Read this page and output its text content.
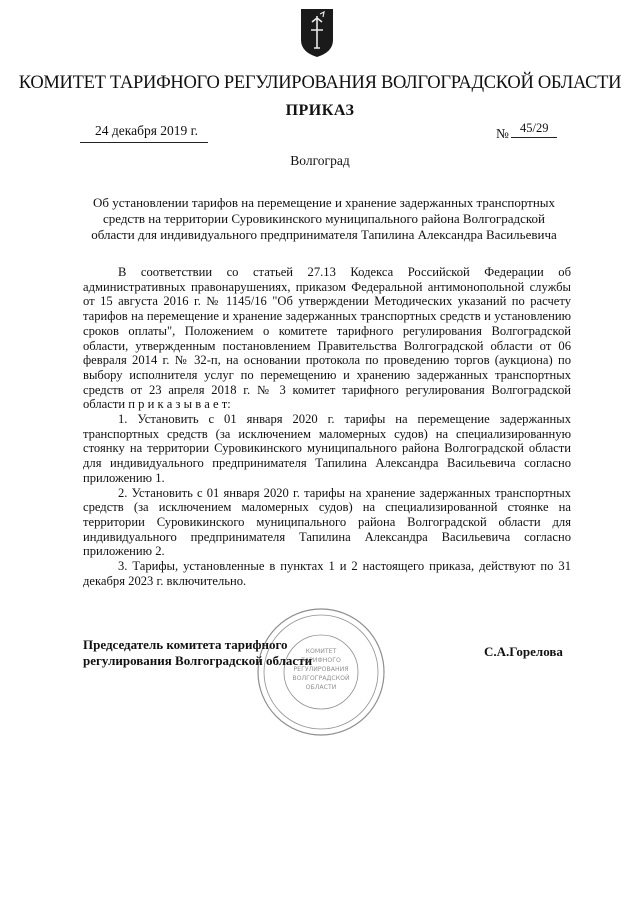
КОМИТЕТ ТАРИФНОГО РЕГУЛИРОВАНИЯ ВОЛГОГРАДСКОЙ ОБЛАСТИ
ПРИКАЗ
24 декабря 2019 г.	№ 45/29
Волгоград
Об установлении тарифов на перемещение и хранение задержанных транспортных средств на территории Суровикинского муниципального района Волгоградской области для индивидуального предпринимателя Тапилина Александра Васильевича

В соответствии со статьей 27.13 Кодекса Российской Федерации об административных правонарушениях, приказом Федеральной антимонопольной службы от 15 августа 2016 г. № 1145/16 "Об утверждении Методических указаний по расчету тарифов на перемещение и хранение задержанных транспортных средств и установлению сроков оплаты", Положением о комитете тарифного регулирования Волгоградской области, утвержденным постановлением Правительства Волгоградской области от 06 февраля 2014 г. № 32-п, на основании протокола по проведению торгов (аукциона) по выбору исполнителя услуг по перемещению и хранению задержанных транспортных средств от 23 апреля 2018 г. № 3 комитет тарифного регулирования Волгоградской области п р и к а з ы в а е т:

1. Установить с 01 января 2020 г. тарифы на перемещение задержанных транспортных средств (за исключением маломерных судов) на специализированную стоянку на территории Суровикинского муниципального района Волгоградской области для индивидуального предпринимателя Тапилина Александра Васильевича согласно приложению 1.

2. Установить с 01 января 2020 г. тарифы на хранение задержанных транспортных средств (за исключением маломерных судов) на специализированной стоянке на территории Суровикинского муниципального района Волгоградской области для индивидуального предпринимателя Тапилина Александра Васильевича согласно приложению 2.

3. Тарифы, установленные в пунктах 1 и 2 настоящего приказа, действуют по 31 декабря 2023 г. включительно.

Председатель комитета тарифного
регулирования Волгоградской области
С.А.Горелова
КОМИТЕТ
ТАРИФНОГО
РЕГУЛИРОВАНИЯ
ВОЛГОГРАДСКОЙ
ОБЛАСТИ
